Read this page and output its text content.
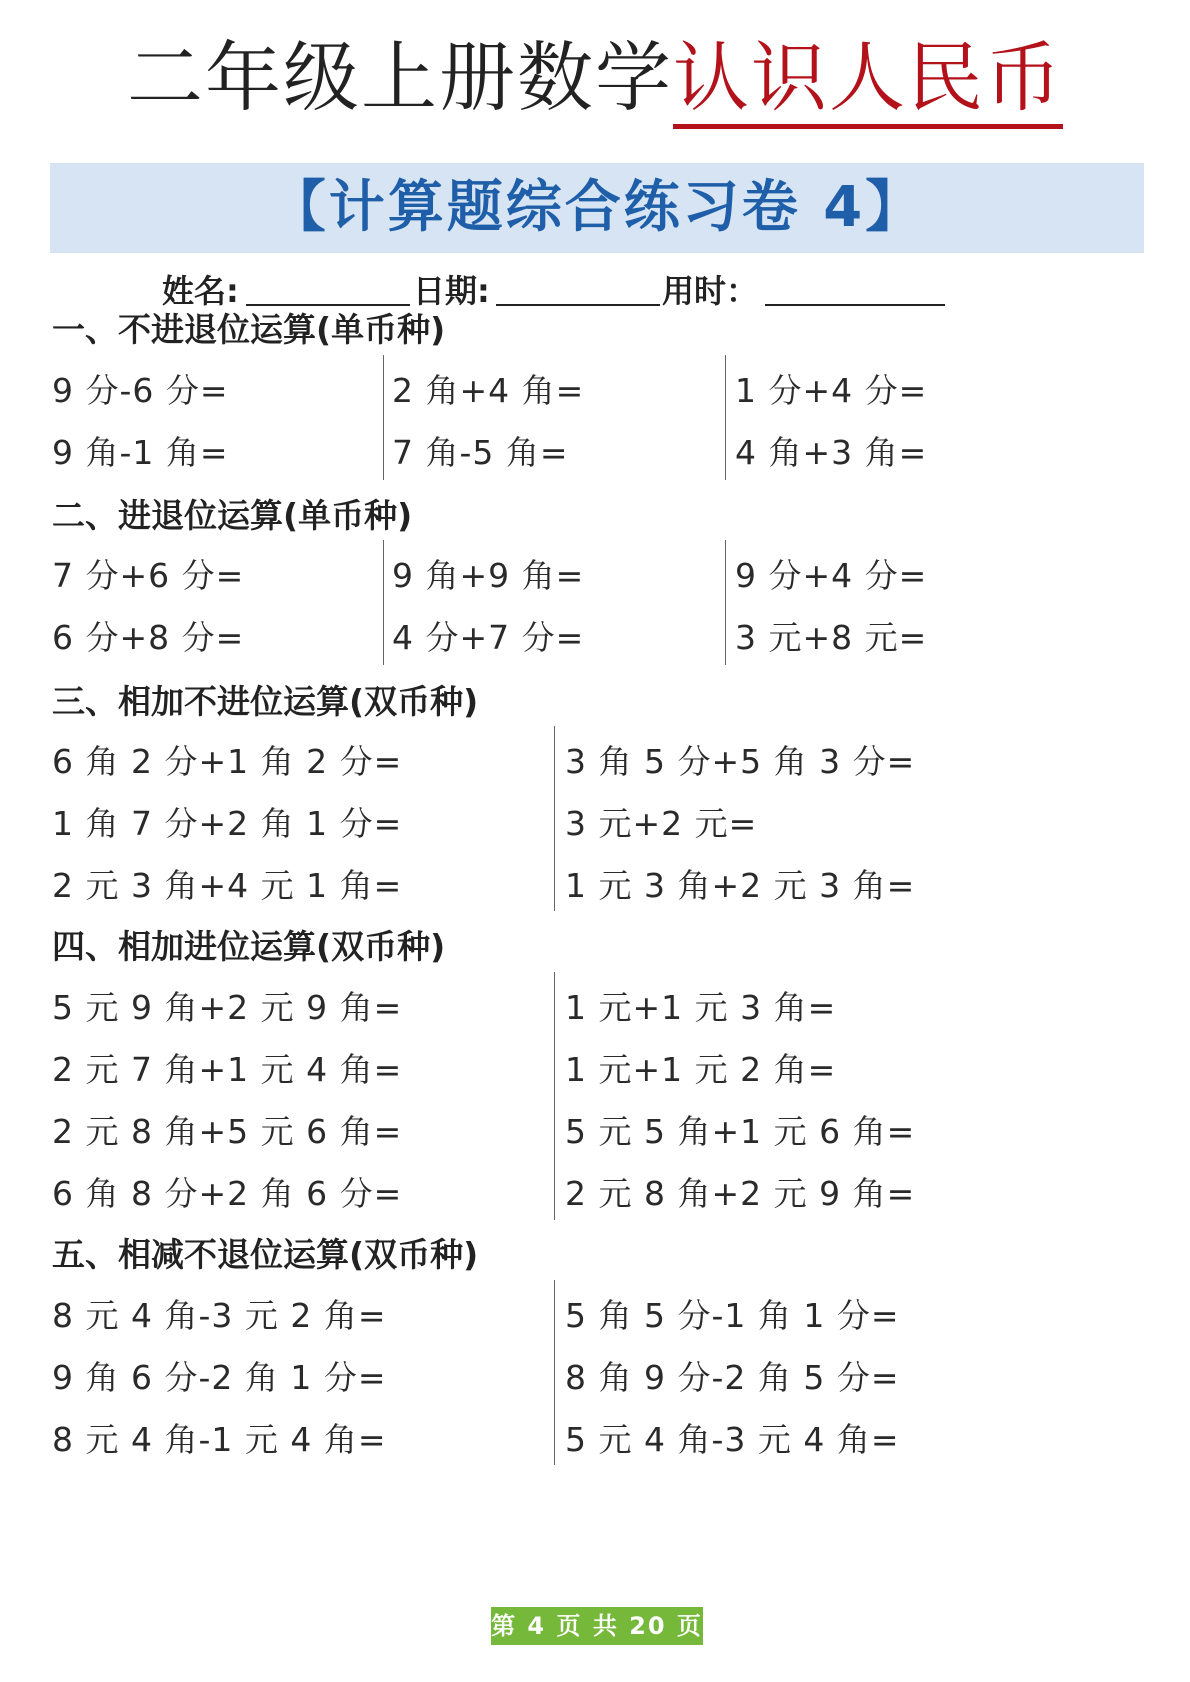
二年级上册数学认识人民币
【计算题综合练习卷 4】
姓名:	日期:	用时：
一、不进退位运算(单币种)
9 分-6 分=
9 角-1 角=
2 角+4 角=
7 角-5 角=
1 分+4 分=
4 角+3 角=
二、进退位运算(单币种)
7 分+6 分=
6 分+8 分=
9 角+9 角=
4 分+7 分=
9 分+4 分=
3 元+8 元=
三、相加不进位运算(双币种)
6 角 2 分+1 角 2 分=
1 角 7 分+2 角 1 分=
2 元 3 角+4 元 1 角=
3 角 5 分+5 角 3 分=
3 元+2 元=
1 元 3 角+2 元 3 角=
四、相加进位运算(双币种)
5 元 9 角+2 元 9 角=
2 元 7 角+1 元 4 角=
2 元 8 角+5 元 6 角=
6 角 8 分+2 角 6 分=
1 元+1 元 3 角=
1 元+1 元 2 角=
5 元 5 角+1 元 6 角=
2 元 8 角+2 元 9 角=
五、相减不退位运算(双币种)
8 元 4 角-3 元 2 角=
9 角 6 分-2 角 1 分=
8 元 4 角-1 元 4 角=
5 角 5 分-1 角 1 分=
8 角 9 分-2 角 5 分=
5 元 4 角-3 元 4 角=
第 4 页 共 20 页
